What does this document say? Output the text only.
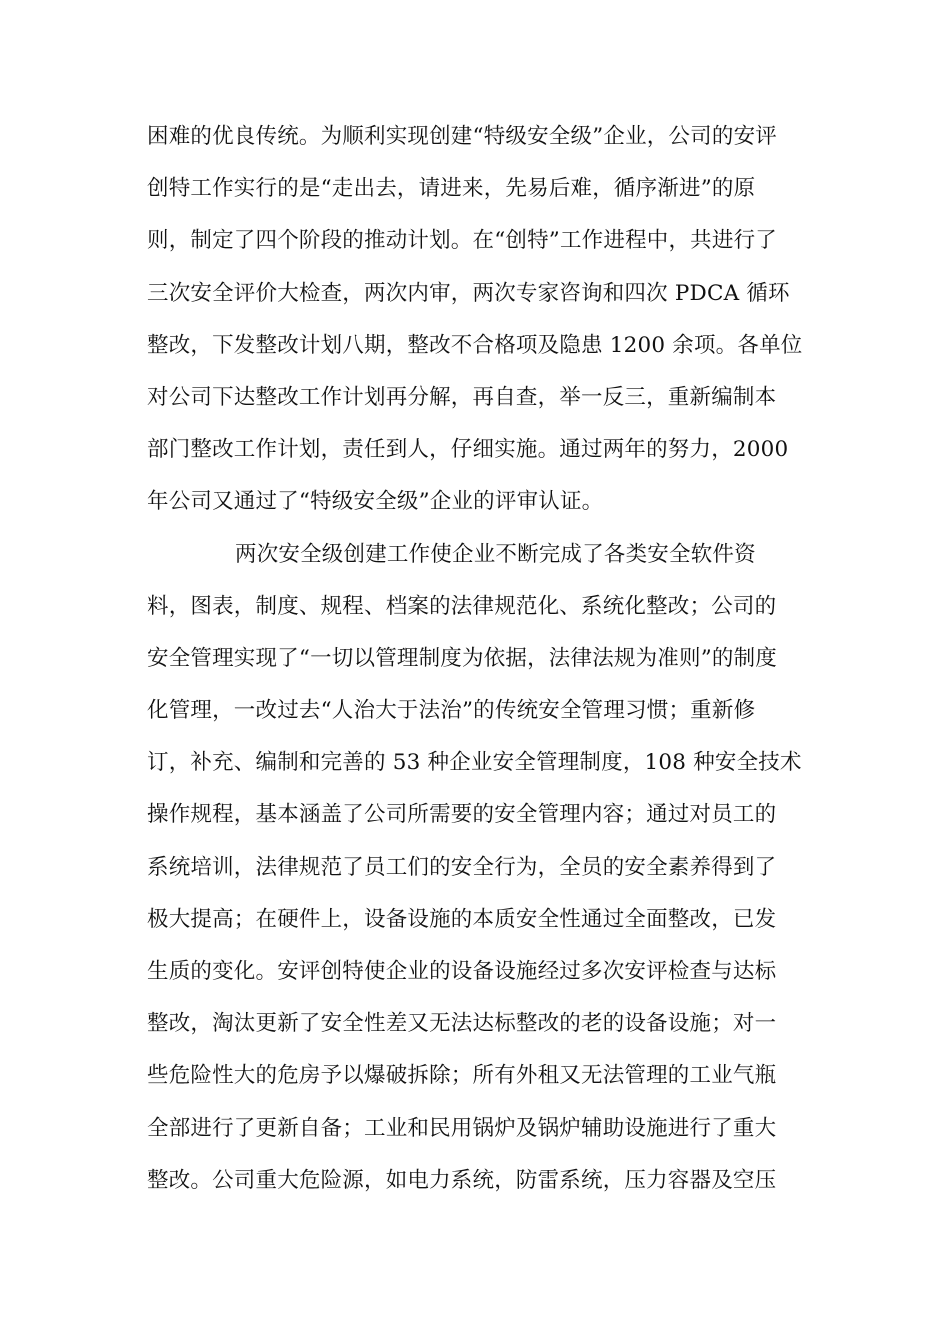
困难的优良传统。为顺利实现创建“特级安全级”企业，公司的安评
创特工作实行的是“走出去，请进来，先易后难，循序渐进”的原
则，制定了四个阶段的推动计划。在“创特”工作进程中，共进行了
三次安全评价大检查，两次内审，两次专家咨询和四次 PDCA 循环
整改，下发整改计划八期，整改不合格项及隐患 1200 余项。各单位
对公司下达整改工作计划再分解，再自查，举一反三，重新编制本
部门整改工作计划，责任到人，仔细实施。通过两年的努力，2000
年公司又通过了“特级安全级”企业的评审认证。
两次安全级创建工作使企业不断完成了各类安全软件资
料，图表，制度、规程、档案的法律规范化、系统化整改；公司的
安全管理实现了“一切以管理制度为依据，法律法规为准则”的制度
化管理，一改过去“人治大于法治”的传统安全管理习惯；重新修
订，补充、编制和完善的 53 种企业安全管理制度，108 种安全技术
操作规程，基本涵盖了公司所需要的安全管理内容；通过对员工的
系统培训，法律规范了员工们的安全行为，全员的安全素养得到了
极大提高；在硬件上，设备设施的本质安全性通过全面整改，已发
生质的变化。安评创特使企业的设备设施经过多次安评检查与达标
整改，淘汰更新了安全性差又无法达标整改的老的设备设施；对一
些危险性大的危房予以爆破拆除；所有外租又无法管理的工业气瓶
全部进行了更新自备；工业和民用锅炉及锅炉辅助设施进行了重大
整改。公司重大危险源，如电力系统，防雷系统，压力容器及空压
